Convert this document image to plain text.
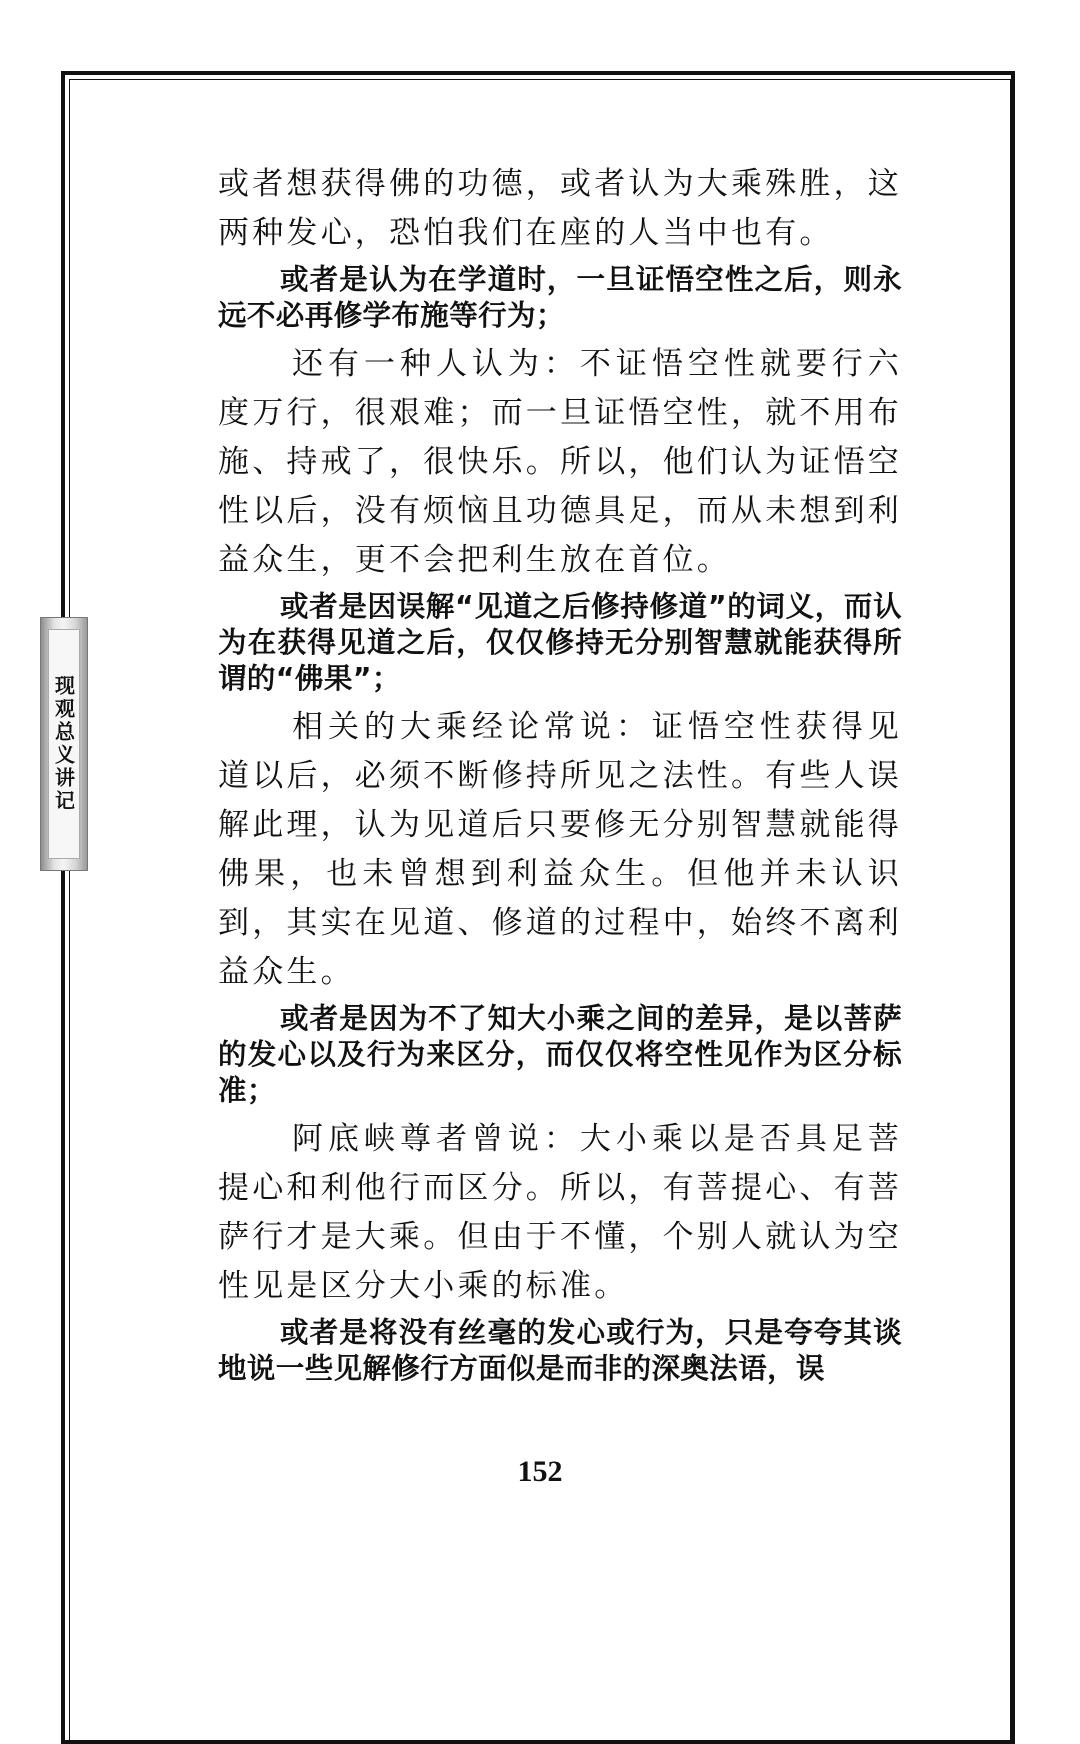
现观总义讲记

或者想获得佛的功德，或者认为大乘殊胜，这两种发心，恐怕我们在座的人当中也有。

或者是认为在学道时，一旦证悟空性之后，则永远不必再修学布施等行为；

还有一种人认为：不证悟空性就要行六度万行，很艰难；而一旦证悟空性，就不用布施、持戒了，很快乐。所以，他们认为证悟空性以后，没有烦恼且功德具足，而从未想到利益众生，更不会把利生放在首位。

或者是因误解“见道之后修持修道”的词义，而认为在获得见道之后，仅仅修持无分别智慧就能获得所谓的“佛果”；

相关的大乘经论常说：证悟空性获得见道以后，必须不断修持所见之法性。有些人误解此理，认为见道后只要修无分别智慧就能得佛果，也未曾想到利益众生。但他并未认识到，其实在见道、修道的过程中，始终不离利益众生。

或者是因为不了知大小乘之间的差异，是以菩萨的发心以及行为来区分，而仅仅将空性见作为区分标准；

阿底峡尊者曾说：大小乘以是否具足菩提心和利他行而区分。所以，有菩提心、有菩萨行才是大乘。但由于不懂，个别人就认为空性见是区分大小乘的标准。

或者是将没有丝毫的发心或行为，只是夸夸其谈地说一些见解修行方面似是而非的深奥法语，误

152
